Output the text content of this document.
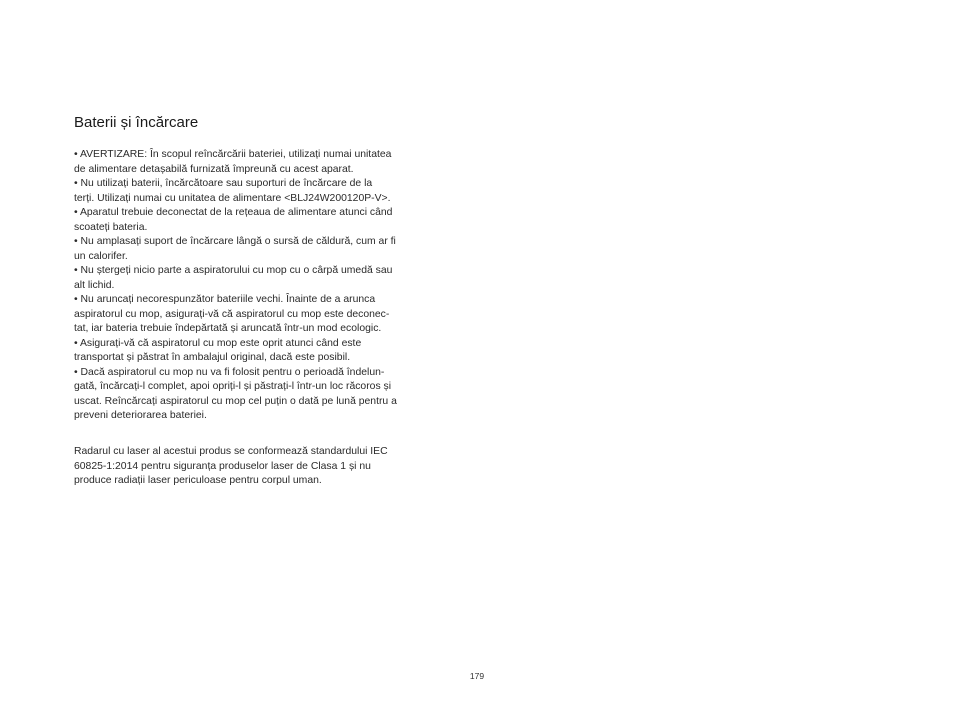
Baterii și încărcare
• AVERTIZARE: În scopul reîncărcării bateriei, utilizați numai unitatea
de alimentare detașabilă furnizată împreună cu acest aparat.
• Nu utilizați baterii, încărcătoare sau suporturi de încărcare de la
terți. Utilizați numai cu unitatea de alimentare <BLJ24W200120P-V>.
• Aparatul trebuie deconectat de la rețeaua de alimentare atunci când
scoateți bateria.
• Nu amplasați suport de încărcare lângă o sursă de căldură, cum ar fi
un calorifer.
• Nu ștergeți nicio parte a aspiratorului cu mop cu o cârpă umedă sau
alt lichid.
• Nu aruncați necorespunzător bateriile vechi. Înainte de a arunca
aspiratorul cu mop, asigurați-vă că aspiratorul cu mop este deconec-
tat, iar bateria trebuie îndepărtată și aruncată într-un mod ecologic.
• Asigurați-vă că aspiratorul cu mop este oprit atunci când este
transportat și păstrat în ambalajul original, dacă este posibil.
• Dacă aspiratorul cu mop nu va fi folosit pentru o perioadă îndelun-
gată, încărcați-l complet, apoi opriți-l și păstrați-l într-un loc răcoros și
uscat. Reîncărcați aspiratorul cu mop cel puțin o dată pe lună pentru a
preveni deteriorarea bateriei.
Radarul cu laser al acestui produs se conformează standardului IEC
60825-1:2014 pentru siguranța produselor laser de Clasa 1 și nu
produce radiații laser periculoase pentru corpul uman.
179
